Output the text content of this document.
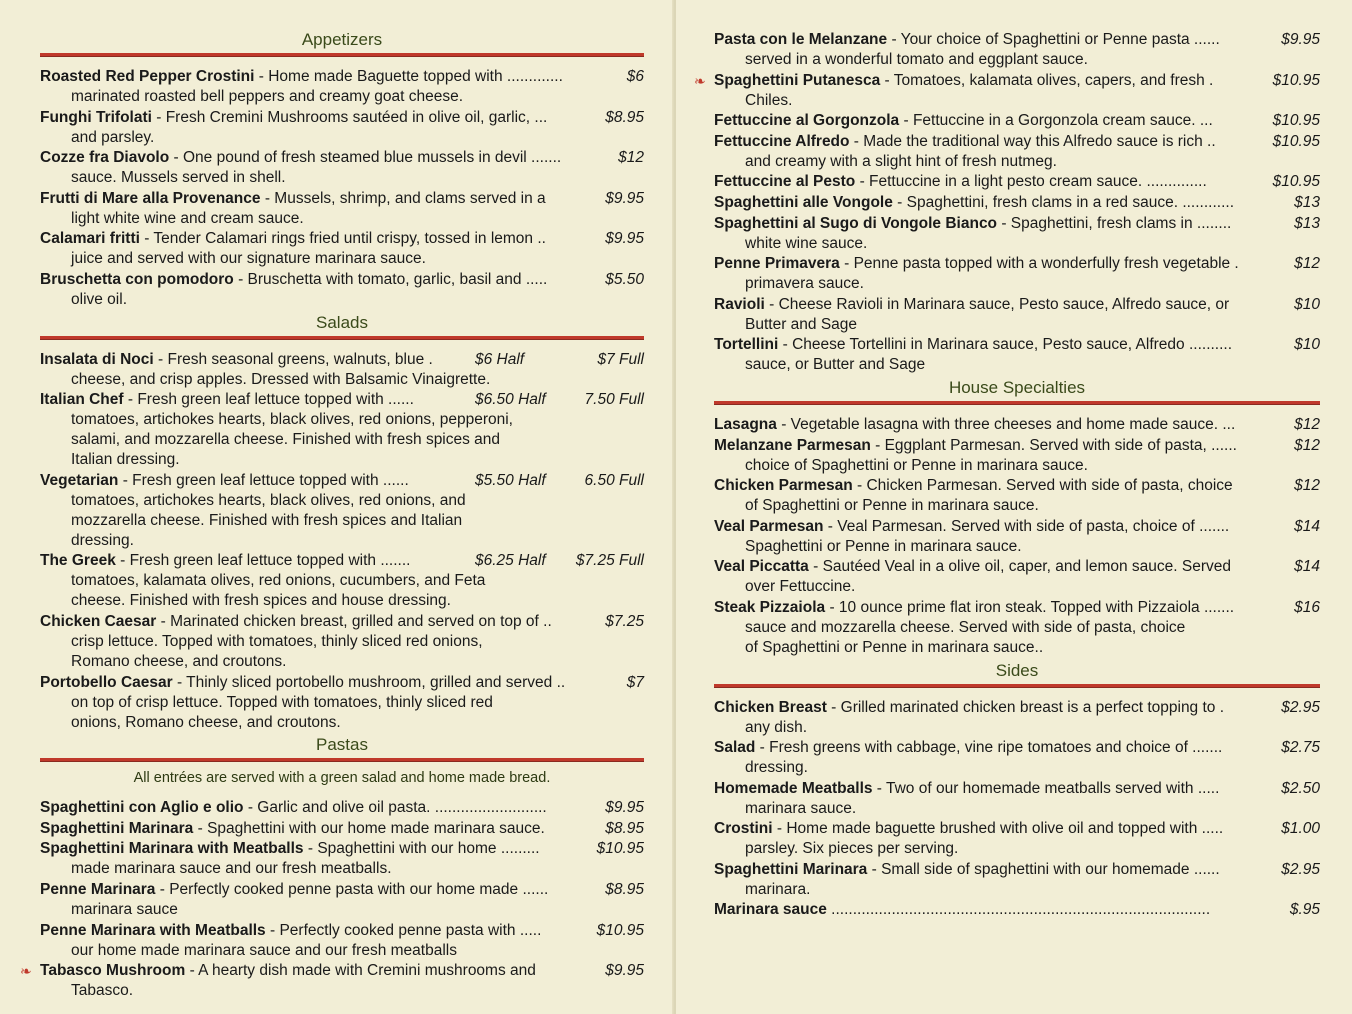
Appetizers
Roasted Red Pepper Crostini - Home made Baguette topped with .............	$6
marinated roasted bell peppers and creamy goat cheese.
Funghi Trifolati - Fresh Cremini Mushrooms sautéed in olive oil, garlic, ...	$8.95
and parsley.
Cozze fra Diavolo - One pound of fresh steamed blue mussels in devil .......	$12
sauce. Mussels served in shell.
Frutti di Mare alla Provenance - Mussels, shrimp, and clams served in a	$9.95
light white wine and cream sauce.
Calamari fritti - Tender Calamari rings fried until crispy, tossed in lemon ..	$9.95
juice and served with our signature marinara sauce.
Bruschetta con pomodoro - Bruschetta with tomato, garlic, basil and .....	$5.50
olive oil.
Salads
Insalata di Noci - Fresh seasonal greens, walnuts, blue .	$6 Half	$7 Full
cheese, and crisp apples. Dressed with Balsamic Vinaigrette.
Italian Chef - Fresh green leaf lettuce topped with ......	$6.50 Half	7.50 Full
tomatoes, artichokes hearts, black olives, red onions, pepperoni,
salami, and mozzarella cheese. Finished with fresh spices and
Italian dressing.
Vegetarian - Fresh green leaf lettuce topped with ......	$5.50 Half	6.50 Full
tomatoes, artichokes hearts, black olives, red onions, and
mozzarella cheese. Finished with fresh spices and Italian
dressing.
The Greek - Fresh green leaf lettuce topped with .......	$6.25 Half $7.25 Full
tomatoes, kalamata olives, red onions, cucumbers, and Feta
cheese. Finished with fresh spices and house dressing.
Chicken Caesar - Marinated chicken breast, grilled and served on top of ..	$7.25
crisp lettuce. Topped with tomatoes, thinly sliced red onions,
Romano cheese, and croutons.
Portobello Caesar - Thinly sliced portobello mushroom, grilled and served ..	$7
on top of crisp lettuce. Topped with tomatoes, thinly sliced red
onions, Romano cheese, and croutons.
Pastas
All entrées are served with a green salad and home made bread.
Spaghettini con Aglio e olio - Garlic and olive oil pasta. ..........................	$9.95
Spaghettini Marinara - Spaghettini with our home made marinara sauce.	$8.95
Spaghettini Marinara with Meatballs - Spaghettini with our home .........	$10.95
made marinara sauce and our fresh meatballs.
Penne Marinara - Perfectly cooked penne pasta with our home made ......	$8.95
marinara sauce
Penne Marinara with Meatballs - Perfectly cooked penne pasta with .....	$10.95
our home made marinara sauce and our fresh meatballs
❧ Tabasco Mushroom - A hearty dish made with Cremini mushrooms and	$9.95
Tabasco.
Pasta con le Melanzane - Your choice of Spaghettini or Penne pasta ......	$9.95
served in a wonderful tomato and eggplant sauce.
❧ Spaghettini Putanesca - Tomatoes, kalamata olives, capers, and fresh .	$10.95
Chiles.
Fettuccine al Gorgonzola - Fettuccine in a Gorgonzola cream sauce. ...	$10.95
Fettuccine Alfredo - Made the traditional way this Alfredo sauce is rich ..	$10.95
and creamy with a slight hint of fresh nutmeg.
Fettuccine al Pesto - Fettuccine in a light pesto cream sauce. ..............	$10.95
Spaghettini alle Vongole - Spaghettini, fresh clams in a red sauce. ............	$13
Spaghettini al Sugo di Vongole Bianco - Spaghettini, fresh clams in ........	$13
white wine sauce.
Penne Primavera - Penne pasta topped with a wonderfully fresh vegetable .	$12
primavera sauce.
Ravioli - Cheese Ravioli in Marinara sauce, Pesto sauce, Alfredo sauce, or	$10
Butter and Sage
Tortellini - Cheese Tortellini in Marinara sauce, Pesto sauce, Alfredo ..........	$10
sauce, or Butter and Sage
House Specialties
Lasagna - Vegetable lasagna with three cheeses and home made sauce. ...	$12
Melanzane Parmesan - Eggplant Parmesan. Served with side of pasta, ......	$12
choice of Spaghettini or Penne in marinara sauce.
Chicken Parmesan - Chicken Parmesan. Served with side of pasta, choice	$12
of Spaghettini or Penne in marinara sauce.
Veal Parmesan - Veal Parmesan. Served with side of pasta, choice of .......	$14
Spaghettini or Penne in marinara sauce.
Veal Piccatta - Sautéed Veal in a olive oil, caper, and lemon sauce. Served	$14
over Fettuccine.
Steak Pizzaiola - 10 ounce prime flat iron steak. Topped with Pizzaiola .......	$16
sauce and mozzarella cheese. Served with side of pasta, choice
of Spaghettini or Penne in marinara sauce..
Sides
Chicken Breast - Grilled marinated chicken breast is a perfect topping to .	$2.95
any dish.
Salad - Fresh greens with cabbage, vine ripe tomatoes and choice of .......	$2.75
dressing.
Homemade Meatballs - Two of our homemade meatballs served with .....	$2.50
marinara sauce.
Crostini - Home made baguette brushed with olive oil and topped with .....	$1.00
parsley. Six pieces per serving.
Spaghettini Marinara - Small side of spaghettini with our homemade ......	$2.95
marinara.
Marinara sauce ........................................................................................	$.95
